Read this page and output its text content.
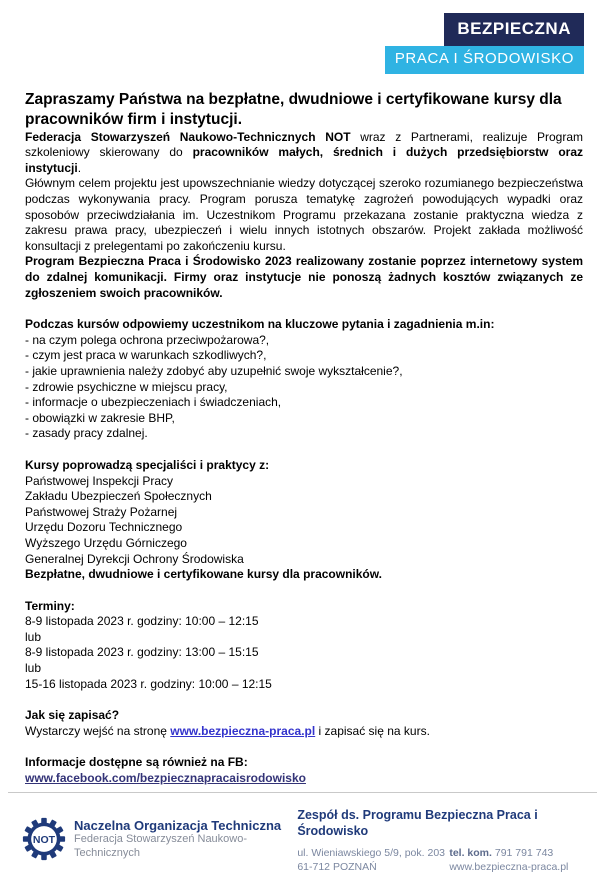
BEZPIECZNA
PRACA I ŚRODOWISKO
Zapraszamy Państwa na bezpłatne, dwudniowe i certyfikowane kursy dla pracowników firm i instytucji.

Federacja Stowarzyszeń Naukowo-Technicznych NOT wraz z Partnerami, realizuje Program szkoleniowy skierowany do pracowników małych, średnich i dużych przedsiębiorstw oraz instytucji.
Głównym celem projektu jest upowszechnianie wiedzy dotyczącej szeroko rozumianego bezpieczeństwa podczas wykonywania pracy. Program porusza tematykę zagrożeń powodujących wypadki oraz sposobów przeciwdziałania im. Uczestnikom Programu przekazana zostanie praktyczna wiedza z zakresu prawa pracy, ubezpieczeń i wielu innych istotnych obszarów. Projekt zakłada możliwość konsultacji z prelegentami po zakończeniu kursu.

Program Bezpieczna Praca i Środowisko 2023 realizowany zostanie poprzez internetowy system do zdalnej komunikacji. Firmy oraz instytucje nie ponoszą żadnych kosztów związanych ze zgłoszeniem swoich pracowników.

Podczas kursów odpowiemy uczestnikom na kluczowe pytania i zagadnienia m.in:

- na czym polega ochrona przeciwpożarowa?,

- czym jest praca w warunkach szkodliwych?,

- jakie uprawnienia należy zdobyć aby uzupełnić swoje wykształcenie?,

- zdrowie psychiczne w miejscu pracy,

- informacje o ubezpieczeniach i świadczeniach,

- obowiązki w zakresie BHP,

- zasady pracy zdalnej.

Kursy poprowadzą specjaliści i praktycy z:

Państwowej Inspekcji Pracy

Zakładu Ubezpieczeń Społecznych

Państwowej Straży Pożarnej

Urzędu Dozoru Technicznego

Wyższego Urzędu Górniczego

Generalnej Dyrekcji Ochrony Środowiska

Bezpłatne, dwudniowe i certyfikowane kursy dla pracowników.

Terminy:

8-9 listopada 2023 r. godziny: 10:00 – 12:15

lub

8-9 listopada 2023 r. godziny: 13:00 – 15:15

lub

15-16 listopada 2023 r. godziny: 10:00 – 12:15

Jak się zapisać?

Wystarczy wejść na stronę www.bezpieczna-praca.pl i zapisać się na kurs.

Informacje dostępne są również na FB:

www.facebook.com/bezpiecznapracaisrodowisko

NOT
Naczelna Organizacja Techniczna
Federacja Stowarzyszeń Naukowo-Technicznych
Zespół ds. Programu Bezpieczna Praca i Środowisko
ul. Wieniawskiego 5/9, pok. 203
61-712 POZNAŃ
tel. kom. 791 791 743
www.bezpieczna-praca.pl
